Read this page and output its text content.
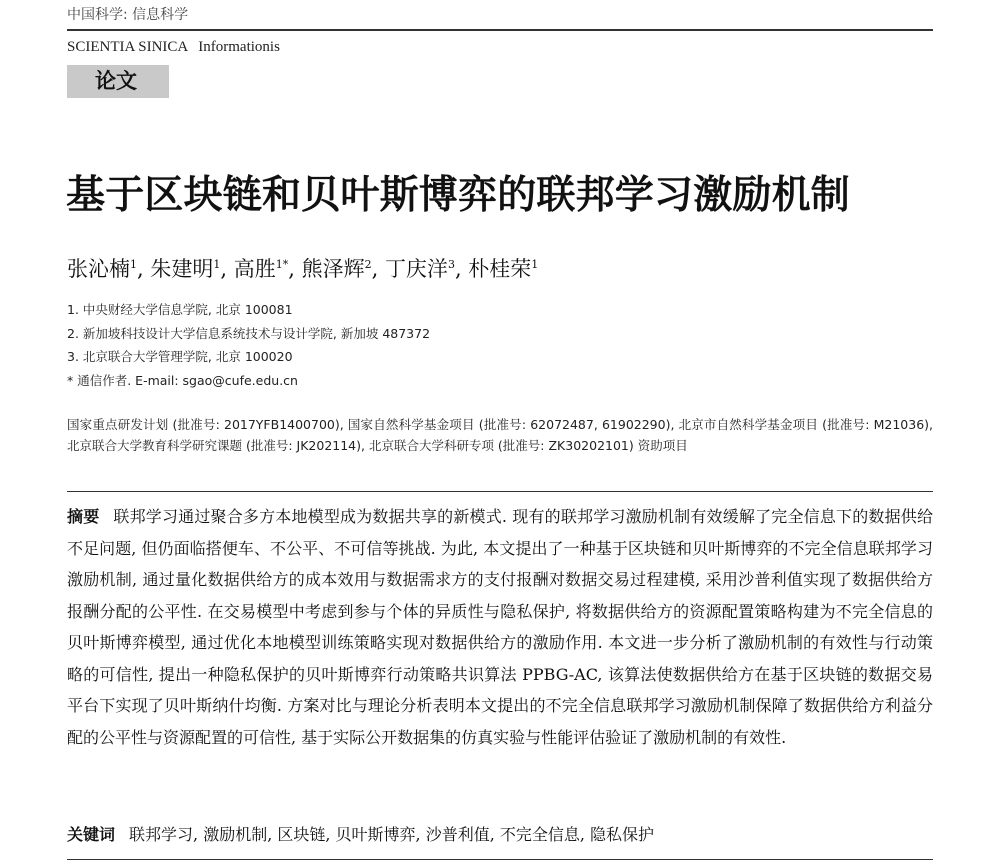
中国科学: 信息科学
SCIENTIA SINICA Informationis
论文
基于区块链和贝叶斯博弈的联邦学习激励机制
张沁楠$^1$, 朱建明$^1$, 高胜$^{1*}$, 熊泽辉$^2$, 丁庆洋$^3$, 朴桂荣$^1$
1. 中央财经大学信息学院, 北京 100081
2. 新加坡科技设计大学信息系统技术与设计学院, 新加坡 487372
3. 北京联合大学管理学院, 北京 100020
* 通信作者. E-mail: sgao@cufe.edu.cn
国家重点研发计划 (批准号: 2017YFB1400700), 国家自然科学基金项目 (批准号: 62072487, 61902290), 北京市自然科学基金项目 (批准号: M21036), 北京联合大学教育科学研究课题 (批准号: JK202114), 北京联合大学科研专项 (批准号: ZK30202101) 资助项目
摘要 联邦学习通过聚合多方本地模型成为数据共享的新模式. 现有的联邦学习激励机制有效缓解了完全信息下的数据供给不足问题, 但仍面临搭便车、不公平、不可信等挑战. 为此, 本文提出了一种基于区块链和贝叶斯博弈的不完全信息联邦学习激励机制, 通过量化数据供给方的成本效用与数据需求方的支付报酬对数据交易过程建模, 采用沙普利值实现了数据供给方报酬分配的公平性. 在交易模型中考虑到参与个体的异质性与隐私保护, 将数据供给方的资源配置策略构建为不完全信息的贝叶斯博弈模型, 通过优化本地模型训练策略实现对数据供给方的激励作用. 本文进一步分析了激励机制的有效性与行动策略的可信性, 提出一种隐私保护的贝叶斯博弈行动策略共识算法 PPBG-AC, 该算法使数据供给方在基于区块链的数据交易平台下实现了贝叶斯纳什均衡. 方案对比与理论分析表明本文提出的不完全信息联邦学习激励机制保障了数据供给方利益分配的公平性与资源配置的可信性, 基于实际公开数据集的仿真实验与性能评估验证了激励机制的有效性.
关键词 联邦学习, 激励机制, 区块链, 贝叶斯博弈, 沙普利值, 不完全信息, 隐私保护
